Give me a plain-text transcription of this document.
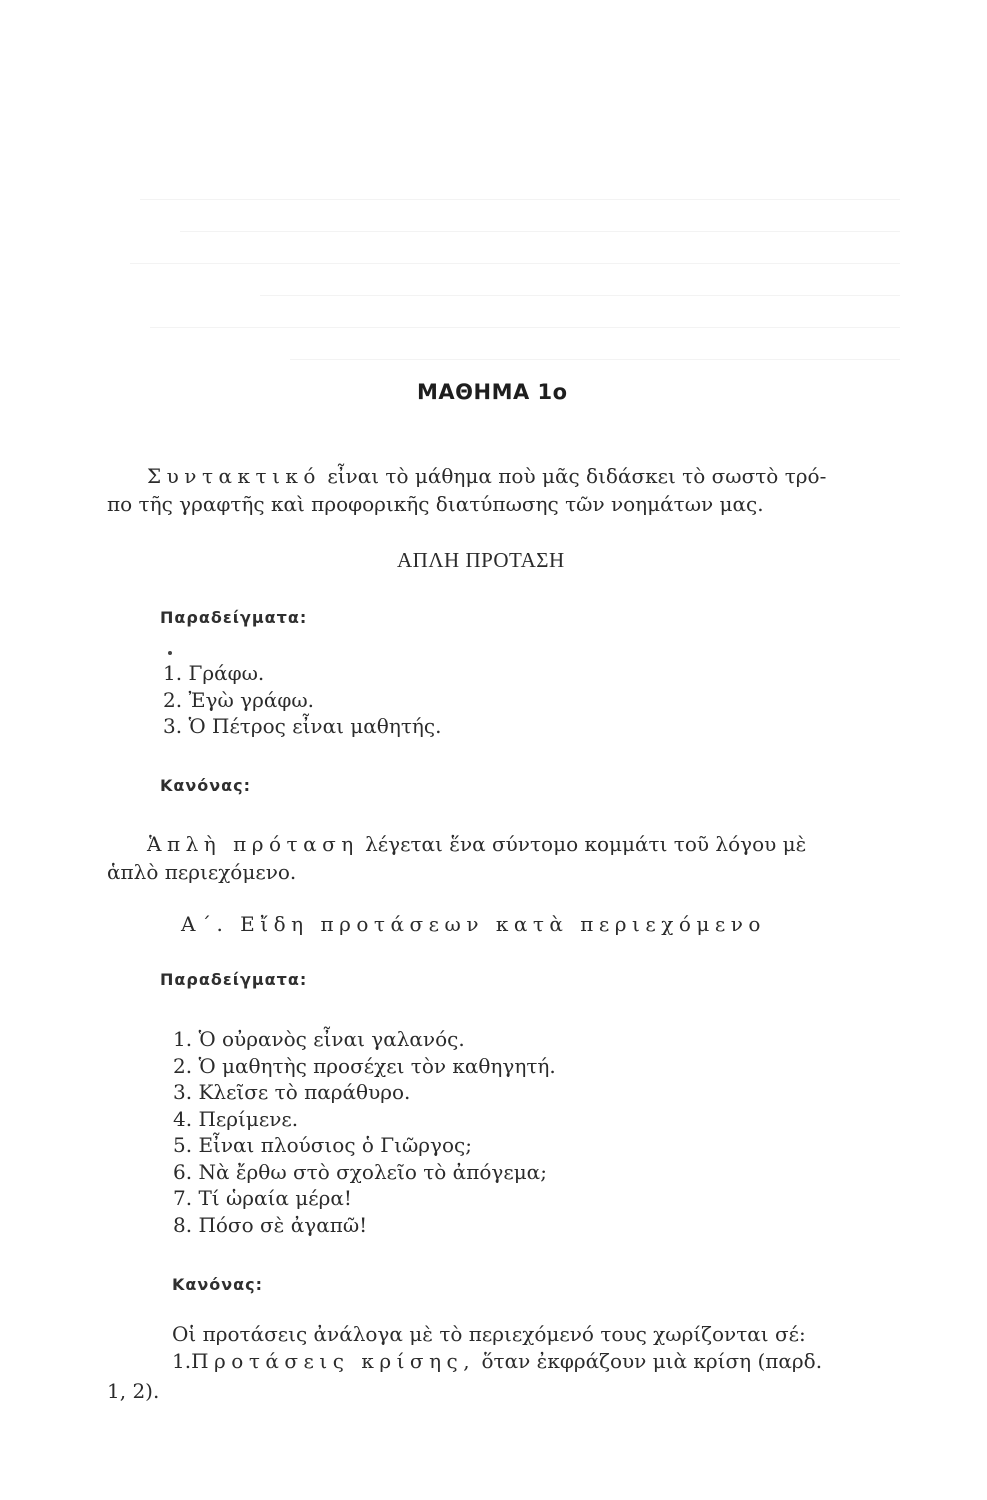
ΜΑΘΗΜΑ 1ο
Συντακτικό εἶναι τὸ μάθημα ποὺ μᾶς διδάσκει τὸ σωστὸ τρό-
πο τῆς γραφτῆς καὶ προφορικῆς διατύπωσης τῶν νοημάτων μας.
ΑΠΛΗ ΠΡΟΤΑΣΗ
Παραδείγματα:
1. Γράφω.
2. Ἐγὼ γράφω.
3. Ὁ Πέτρος εἶναι μαθητής.
Κανόνας:
Ἁπλὴ πρόταση λέγεται ἕνα σύντομο κομμάτι τοῦ λόγου μὲ
ἁπλὸ περιεχόμενο.
Α΄. Εἴδη προτάσεων κατὰ περιεχόμενο
Παραδείγματα:
1. Ὁ οὐρανὸς εἶναι γαλανός.
2. Ὁ μαθητὴς προσέχει τὸν καθηγητή.
3. Κλεῖσε τὸ παράθυρο.
4. Περίμενε.
5. Εἶναι πλούσιος ὁ Γιῶργος;
6. Νὰ ἔρθω στὸ σχολεῖο τὸ ἀπόγεμα;
7. Τί ὡραία μέρα!
8. Πόσο σὲ ἀγαπῶ!
Κανόνας:
Οἱ προτάσεις ἀνάλογα μὲ τὸ περιεχόμενό τους χωρίζονται σέ:
1.Προτάσεις κρίσης, ὅταν ἐκφράζουν μιὰ κρίση (παρδ.
1, 2).
